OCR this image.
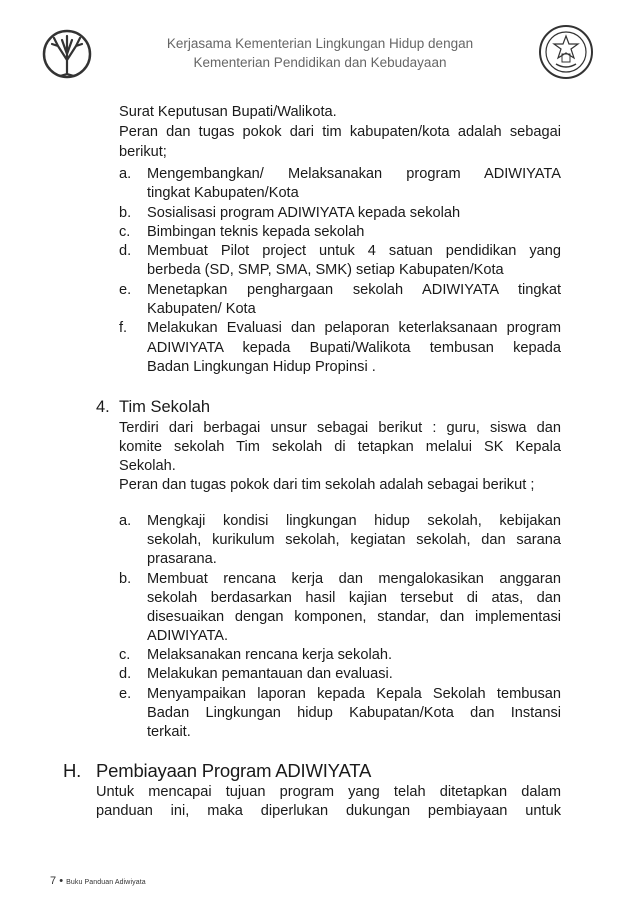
Kerjasama Kementerian Lingkungan Hidup dengan
Kementerian Pendidikan dan Kebudayaan
Surat Keputusan Bupati/Walikota.
Peran dan tugas pokok dari tim kabupaten/kota adalah sebagai
berikut;
a. Mengembangkan/ Melaksanakan program ADIWIYATA
tingkat Kabupaten/Kota
b. Sosialisasi program ADIWIYATA kepada sekolah
c. Bimbingan teknis kepada sekolah
d. Membuat Pilot project untuk 4 satuan pendidikan yang
berbeda (SD, SMP, SMA, SMK) setiap Kabupaten/Kota
e. Menetapkan penghargaan sekolah ADIWIYATA tingkat
Kabupaten/ Kota
f. Melakukan Evaluasi dan pelaporan keterlaksanaan program
ADIWIYATA kepada Bupati/Walikota tembusan kepada
Badan Lingkungan Hidup Propinsi .
4. Tim Sekolah
Terdiri dari berbagai unsur sebagai berikut : guru, siswa dan
komite sekolah Tim sekolah di tetapkan melalui SK Kepala
Sekolah.
Peran dan tugas pokok dari tim sekolah adalah sebagai berikut ;
a. Mengkaji kondisi lingkungan hidup sekolah, kebijakan
sekolah, kurikulum sekolah, kegiatan sekolah, dan sarana
prasarana.
b. Membuat rencana kerja dan mengalokasikan anggaran
sekolah berdasarkan hasil kajian tersebut di atas, dan
disesuaikan dengan komponen, standar, dan implementasi
ADIWIYATA.
c. Melaksanakan rencana kerja sekolah.
d. Melakukan pemantauan dan evaluasi.
e. Menyampaikan laporan kepada Kepala Sekolah tembusan
Badan Lingkungan hidup Kabupatan/Kota dan Instansi
terkait.
H. Pembiayaan Program ADIWIYATA
Untuk mencapai tujuan program yang telah ditetapkan dalam
panduan ini, maka diperlukan dukungan pembiayaan untuk
7 • Buku Panduan Adiwiyata
